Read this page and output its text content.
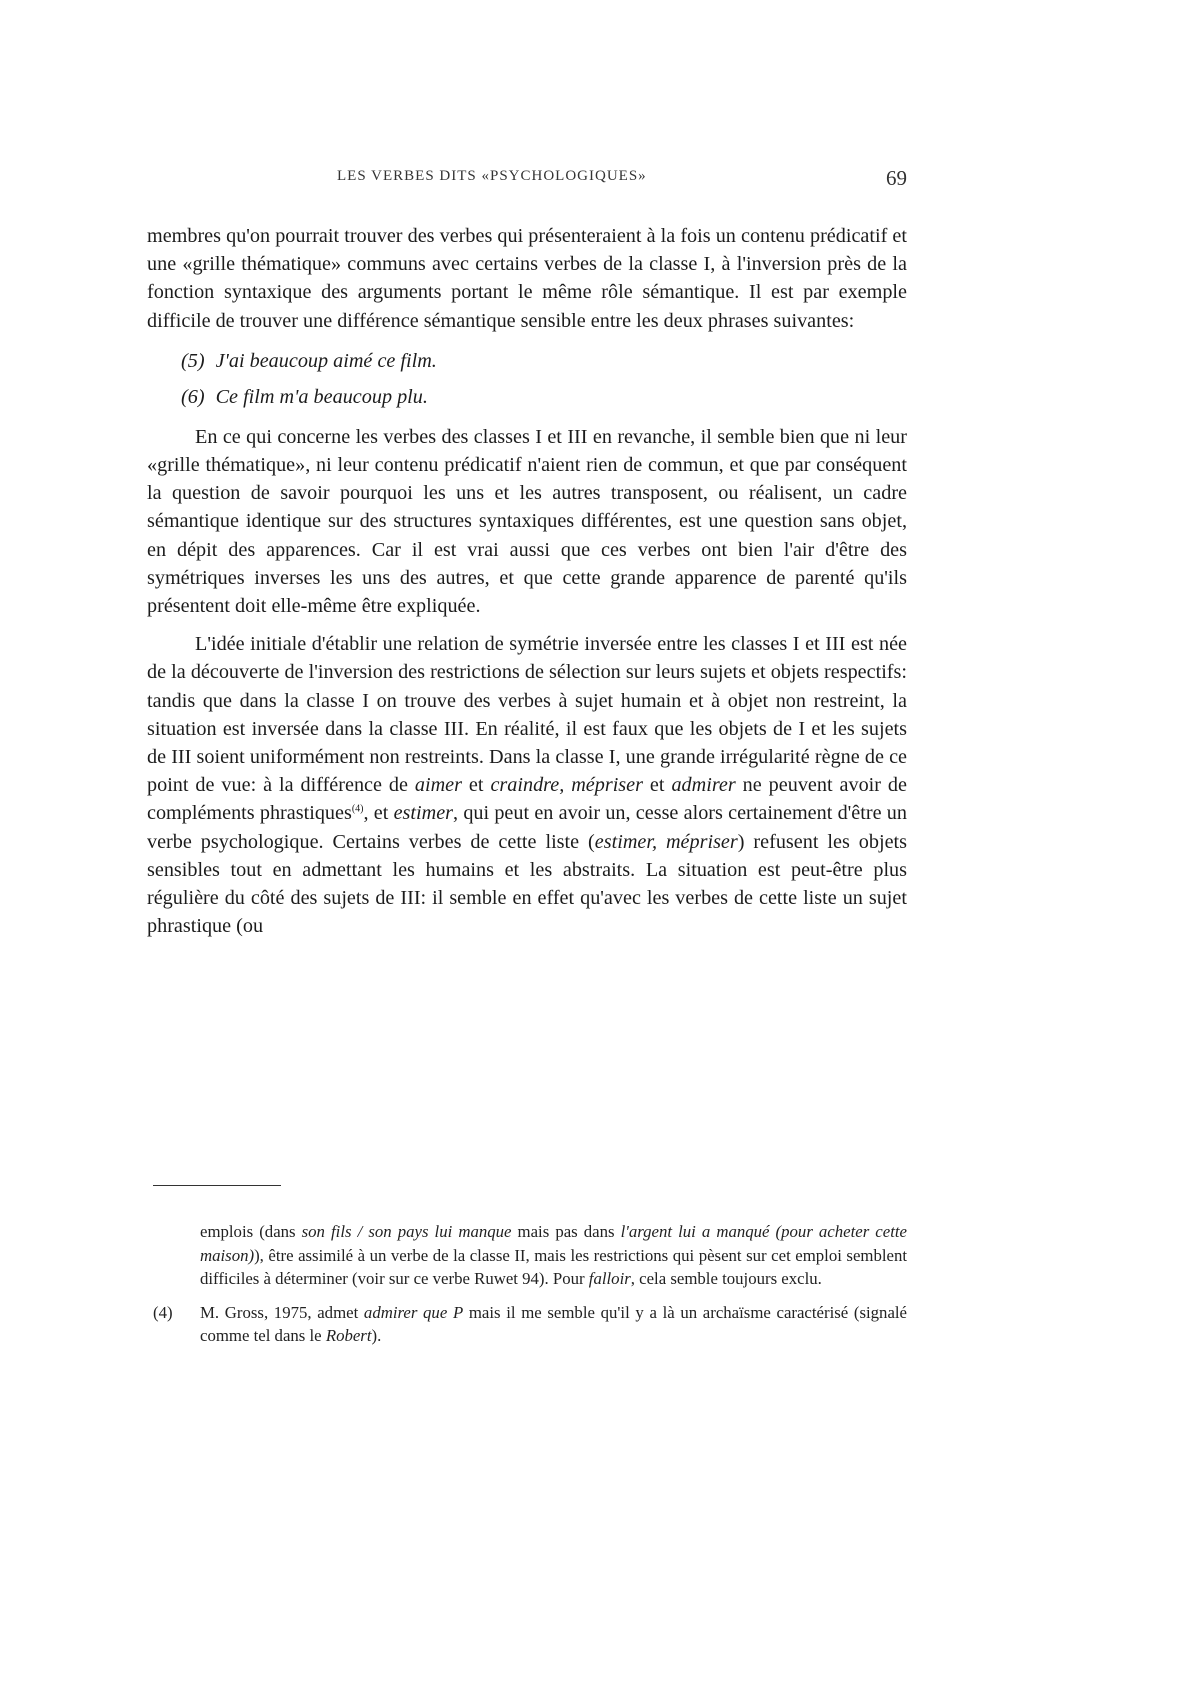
LES VERBES DITS «PSYCHOLOGIQUES»	69

membres qu'on pourrait trouver des verbes qui présenteraient à la fois un contenu prédicatif et une «grille thématique» communs avec certains verbes de la classe I, à l'inversion près de la fonction syntaxique des arguments portant le même rôle sémantique. Il est par exemple difficile de trouver une différence sémantique sensible entre les deux phrases suivantes:

(5) J'ai beaucoup aimé ce film.
(6) Ce film m'a beaucoup plu.

En ce qui concerne les verbes des classes I et III en revanche, il semble bien que ni leur «grille thématique», ni leur contenu prédicatif n'aient rien de commun, et que par conséquent la question de savoir pourquoi les uns et les autres transposent, ou réalisent, un cadre sémantique identique sur des structures syntaxiques différentes, est une question sans objet, en dépit des apparences. Car il est vrai aussi que ces verbes ont bien l'air d'être des symétriques inverses les uns des autres, et que cette grande apparence de parenté qu'ils présentent doit elle-même être expliquée.

L'idée initiale d'établir une relation de symétrie inversée entre les classes I et III est née de la découverte de l'inversion des restrictions de sélection sur leurs sujets et objets respectifs: tandis que dans la classe I on trouve des verbes à sujet humain et à objet non restreint, la situation est inversée dans la classe III. En réalité, il est faux que les objets de I et les sujets de III soient uniformément non restreints. Dans la classe I, une grande irrégularité règne de ce point de vue: à la différence de aimer et craindre, mépriser et admirer ne peuvent avoir de compléments phrastiques$^{(4)}$, et estimer, qui peut en avoir un, cesse alors certainement d'être un verbe psychologique. Certains verbes de cette liste (estimer, mépriser) refusent les objets sensibles tout en admettant les humains et les abstraits. La situation est peut-être plus régulière du côté des sujets de III: il semble en effet qu'avec les verbes de cette liste un sujet phrastique (ou

emplois (dans son fils / son pays lui manque mais pas dans l'argent lui a manqué (pour acheter cette maison)), être assimilé à un verbe de la classe II, mais les restrictions qui pèsent sur cet emploi semblent difficiles à déterminer (voir sur ce verbe Ruwet 94). Pour falloir, cela semble toujours exclu.

(4)	M. Gross, 1975, admet admirer que P mais il me semble qu'il y a là un archaïsme caractérisé (signalé comme tel dans le Robert).
